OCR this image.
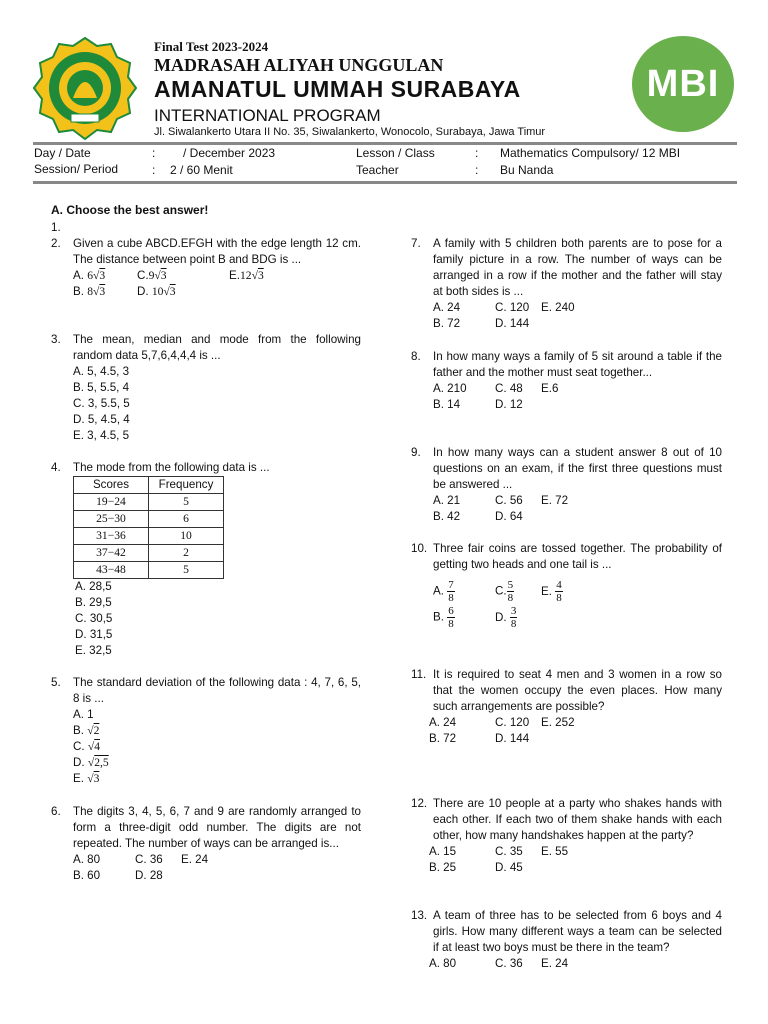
Final Test 2023-2024
MADRASAH ALIYAH UNGGULAN
AMANATUL UMMAH SURABAYA
INTERNATIONAL PROGRAM
Jl. Siwalankerto Utara II No. 35, Siwalankerto, Wonocolo, Surabaya, Jawa Timur
MBI
Day / Date	: / December 2023
Session/ Period	: 2 / 60 Menit
Lesson / Class	: Mathematics Compulsory/ 12 MBI
Teacher	: Bu Nanda
A. Choose the best answer!
1.
2.	Given a cube ABCD.EFGH with the edge length 12 cm. The distance between point B and BDG is ...
A. 6√3	C.9√3	E.12√3
B. 8√3	D. 10√3
3.	The mean, median and mode from the following random data 5,7,6,4,4,4 is ...
A. 5, 4.5, 3
B. 5, 5.5, 4
C. 3, 5.5, 5
D. 5, 4.5, 4
E. 3, 4.5, 5
4.	The mode from the following data is ...
Scores	Frequency
19−24	5
25−30	6
31−36	10
37−42	2
43−48	5
A. 28,5
B. 29,5
C. 30,5
D. 31,5
E. 32,5
5.	The standard deviation of the following data : 4, 7, 6, 5, 8 is ...
A. 1
B. √2
C. √4
D. √2,5
E. √3
6.	The digits 3, 4, 5, 6, 7 and 9 are randomly arranged to form a three-digit odd number. The digits are not repeated. The number of ways can be arranged is...
A. 80	C. 36 E. 24
B. 60	D. 28
7.	A family with 5 children both parents are to pose for a family picture in a row. The number of ways can be arranged in a row if the mother and the father will stay at both sides is ...
A. 24	C. 120 E. 240
B. 72	D. 144
8.	In how many ways a family of 5 sit around a table if the father and the mother must seat together...
A. 210 C. 48 E.6
B. 14	D. 12
9.	In how many ways can a student answer 8 out of 10 questions on an exam, if the first three questions must be answered ...
A. 21	C. 56 E. 72
B. 42	D. 64
10. Three fair coins are tossed together. The probability of getting two heads and one tail is ...
A. $\frac{7}{8}$	C. $\frac{5}{8} E$. $\frac{4}{8}$
B. $\frac{6}{8}$	D. $\frac{3}{8}$
11. It is required to seat 4 men and 3 women in a row so that the women occupy the even places. How many such arrangements are possible?
A. 24	C. 120 E. 252
B. 72	D. 144
12. There are 10 people at a party who shakes hands with each other. If each two of them shake hands with each other, how many handshakes happen at the party?
A. 15	C. 35 E. 55
B. 25	D. 45
13. A team of three has to be selected from 6 boys and 4 girls. How many different ways a team can be selected if at least two boys must be there in the team?
A. 80	C. 36 E. 24
